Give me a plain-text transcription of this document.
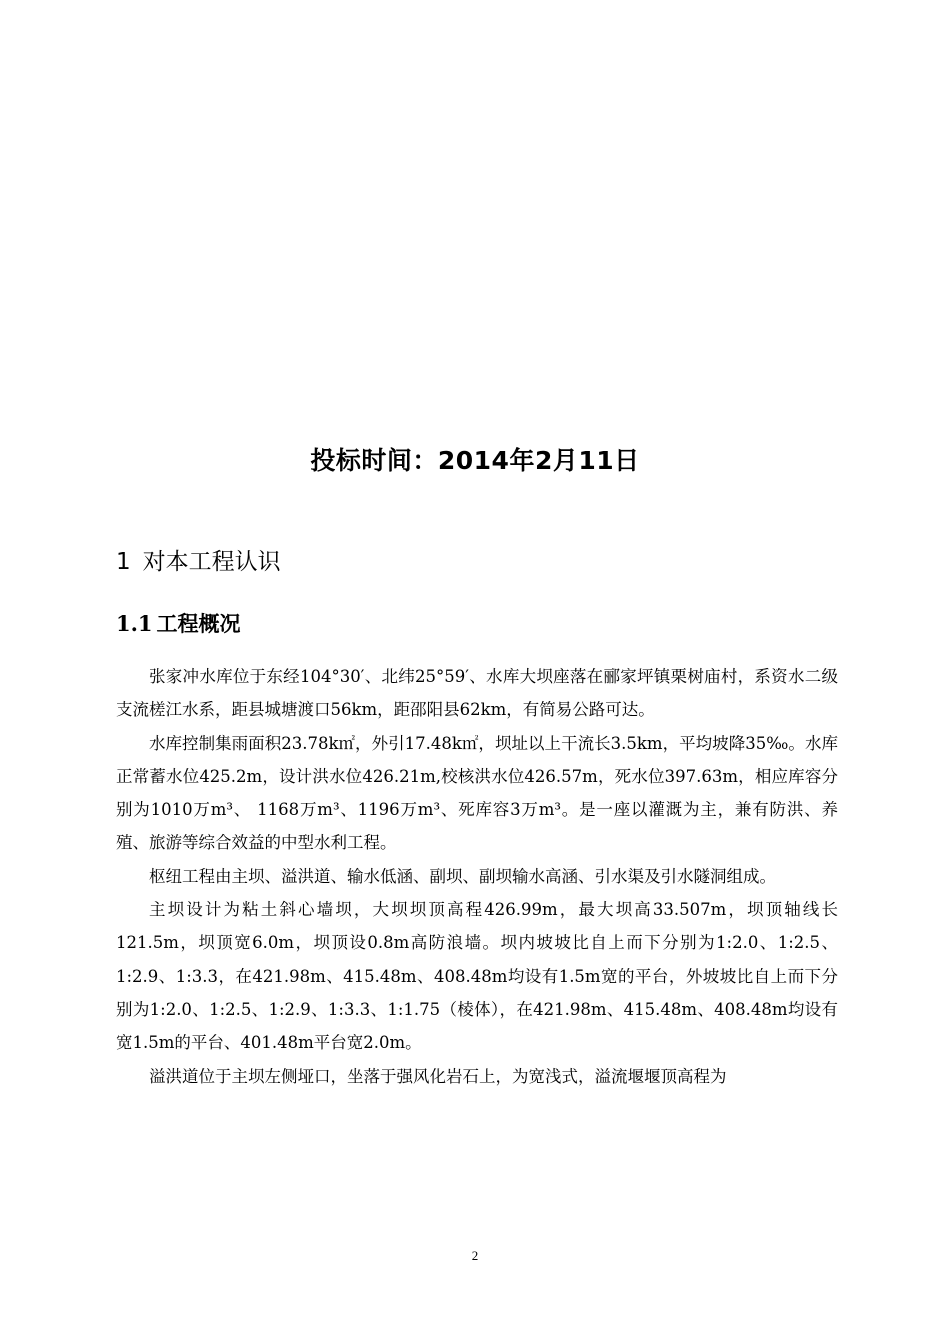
投标时间：2014年2月11日
1 对本工程认识
1.1 工程概况

张家冲水库位于东经104°30′、北纬25°59′、水库大坝座落在郦家坪镇栗树庙村，系资水二级支流槎江水系，距县城塘渡口56km，距邵阳县62km，有简易公路可达。

水库控制集雨面积23.78k㎡，外引17.48k㎡，坝址以上干流长3.5km，平均坡降35‰。水库正常蓄水位425.2m，设计洪水位426.21m,校核洪水位426.57m，死水位397.63m，相应库容分别为1010万m³、 1168万m³、1196万m³、死库容3万m³。是一座以灌溉为主，兼有防洪、养殖、旅游等综合效益的中型水利工程。

枢纽工程由主坝、溢洪道、输水低涵、副坝、副坝输水高涵、引水渠及引水隧洞组成。

主坝设计为粘土斜心墙坝，大坝坝顶高程426.99m，最大坝高33.507m，坝顶轴线长121.5m，坝顶宽6.0m，坝顶设0.8m高防浪墙。坝内坡坡比自上而下分别为1:2.0、1:2.5、1:2.9、1:3.3，在421.98m、415.48m、408.48m均设有1.5m宽的平台，外坡坡比自上而下分别为1:2.0、1:2.5、1:2.9、1:3.3、1:1.75（棱体），在421.98m、415.48m、408.48m均设有宽1.5m的平台、401.48m平台宽2.0m。

溢洪道位于主坝左侧垭口，坐落于强风化岩石上，为宽浅式，溢流堰堰顶高程为

2
